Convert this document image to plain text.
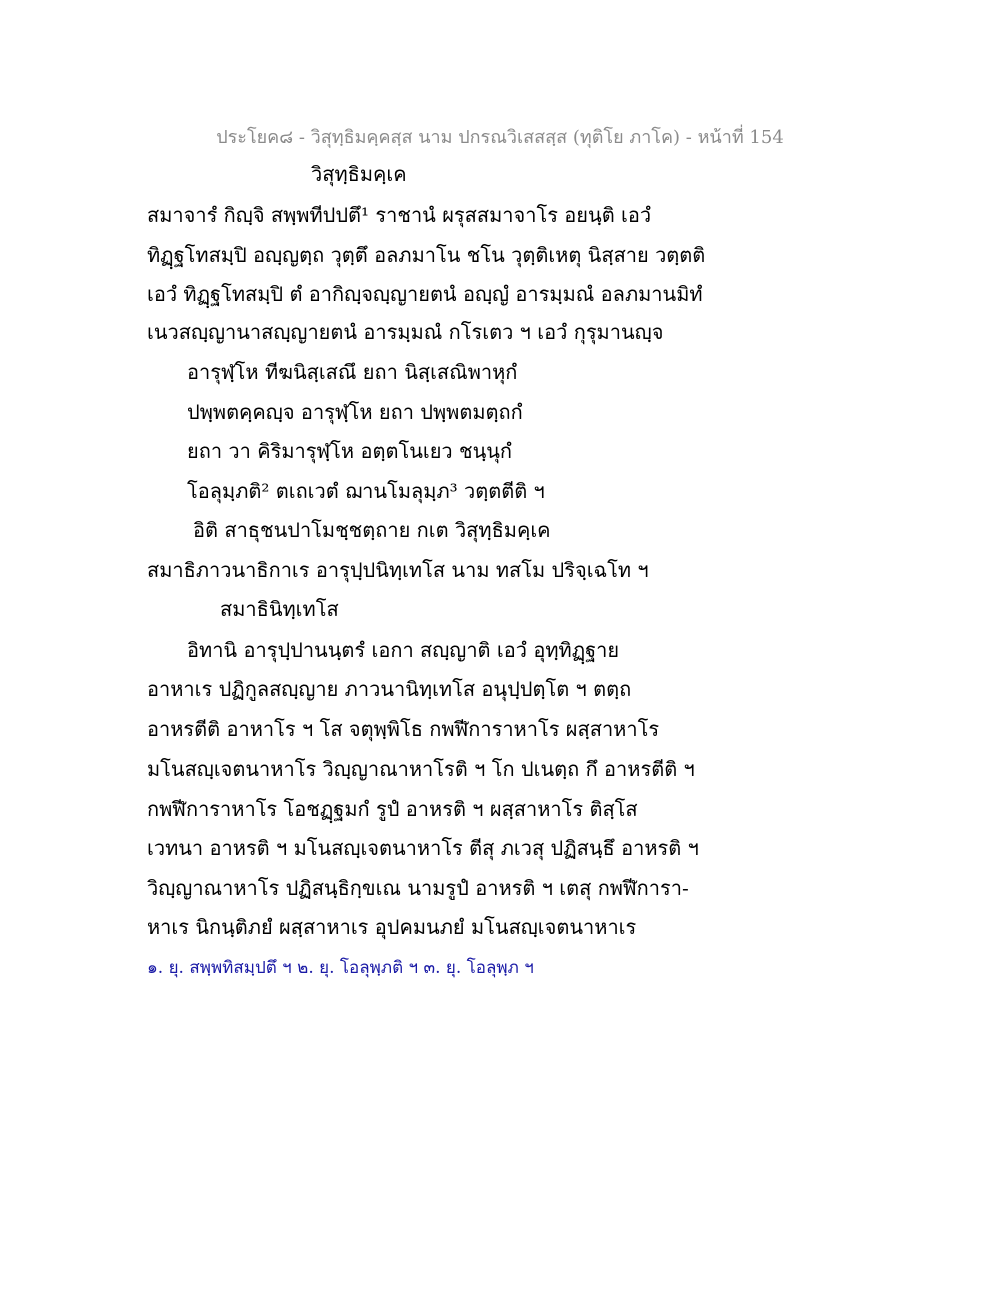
ประโยค๘ - วิสุทฺธิมคฺคสฺส นาม ปกรณวิเสสสฺส (ทุติโย ภาโค) - หน้าที่ 154
วิสุทฺธิมคฺเค
สมาจารํ กิญฺจิ สพฺพทีปปตึ¹ ราชานํ ผรุสสมาจาโร อยนฺติ เอวํ
ทิฏฺฐโทสมฺปิ อญฺญตฺถ วุตฺตึ อลภมาโน ชโน วุตฺติเหตุ นิสฺสาย วตฺตติ
เอวํ ทิฏฺฐโทสมฺปิ ตํ อากิญฺจญฺญายตนํ อญฺญํ อารมฺมณํ อลภมานมิทํ
เนวสญฺญานาสญฺญายตนํ อารมฺมณํ กโรเตว ฯ เอวํ กุรุมานญฺจ
อารุฬฺโห ทีฆนิสฺเสณึ ยถา นิสฺเสณิพาหุกํ
ปพฺพตคฺคญฺจ อารุฬฺโห ยถา ปพฺพตมตฺถกํ
ยถา วา คิริมารุฬฺโห อตฺตโนเยว ชนฺนุกํ
โอลุมฺภติ² ตเถเวตํ ฌานโมลุมฺภ³ วตฺตตีติ ฯ
อิติ สาธุชนปาโมชฺชตฺถาย กเต วิสุทฺธิมคฺเค
สมาธิภาวนาธิกาเร อารุปฺปนิทฺเทโส นาม ทสโม ปริจฺเฉโท ฯ
สมาธินิทฺเทโส
อิทานิ อารุปฺปานนฺตรํ เอกา สญฺญาติ เอวํ อุทฺทิฏฺฐาย
อาหาเร ปฏิกูลสญฺญาย ภาวนานิทฺเทโส อนุปฺปตฺโต ฯ ตตฺถ
อาหรตีติ อาหาโร ฯ โส จตุพฺพิโธ กพฬีการาหาโร ผสฺสาหาโร
มโนสญฺเจตนาหาโร วิญฺญาณาหาโรติ ฯ โก ปเนตฺถ กึ อาหรตีติ ฯ
กพฬีการาหาโร โอชฏฺฐมกํ รูปํ อาหรติ ฯ ผสฺสาหาโร ติสฺโส
เวทนา อาหรติ ฯ มโนสญฺเจตนาหาโร ตีสุ ภเวสุ ปฏิสนฺธึ อาหรติ ฯ
วิญฺญาณาหาโร ปฏิสนฺธิกฺขเณ นามรูปํ อาหรติ ฯ เตสุ กพฬีการา-
หาเร นิกนฺติภยํ ผสฺสาหาเร อุปคมนภยํ มโนสญฺเจตนาหาเร
๑. ยุ. สพฺพทิสมฺปตึ ฯ ๒. ยุ. โอลุพฺภติ ฯ ๓. ยุ. โอลุพฺภ ฯ
